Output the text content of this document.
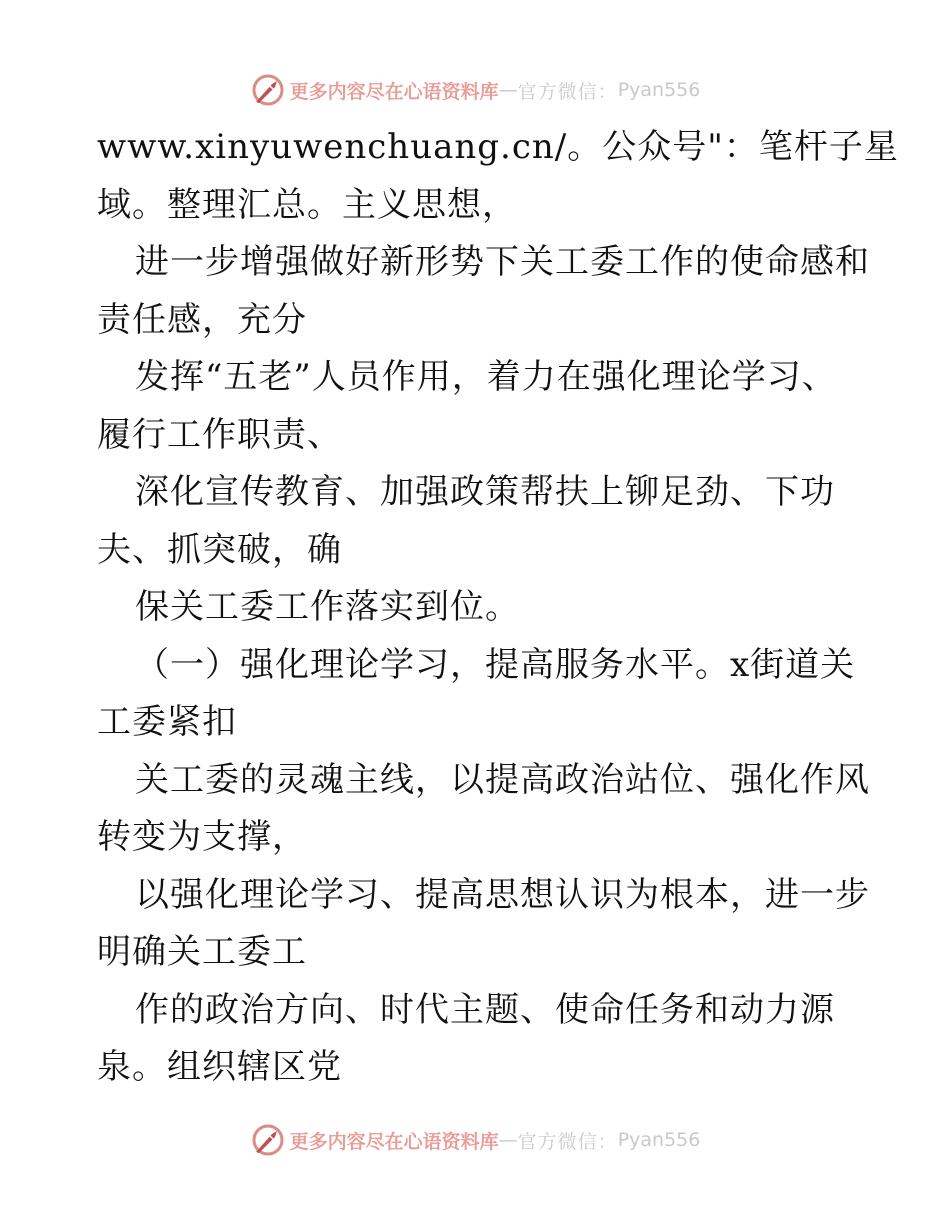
更多内容尽在心语资料库 — 官方微信： Pyan556
www.xinyuwenchuang.cn/。公众号"：笔杆子星
域。整理汇总。主义思想，
进一步增强做好新形势下关工委工作的使命感和
责任感，充分
发挥“五老”人员作用，着力在强化理论学习、
履行工作职责、
深化宣传教育、加强政策帮扶上铆足劲、下功
夫、抓突破，确
保关工委工作落实到位。
（一）强化理论学习，提高服务水平。x街道关
工委紧扣
关工委的灵魂主线，以提高政治站位、强化作风
转变为支撑，
以强化理论学习、提高思想认识为根本，进一步
明确关工委工
作的政治方向、时代主题、使命任务和动力源
泉。组织辖区党
更多内容尽在心语资料库 — 官方微信： Pyan556
